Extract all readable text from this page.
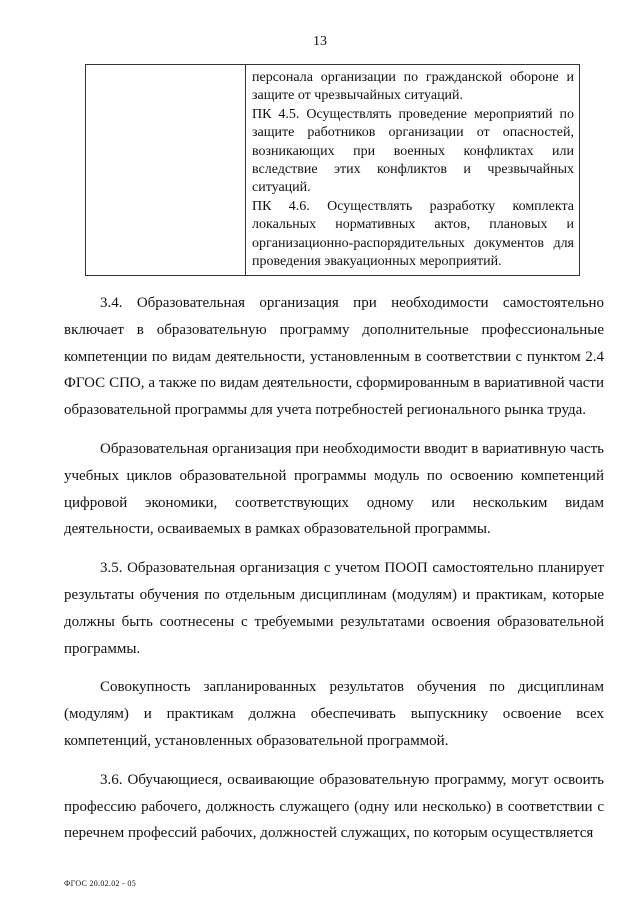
13

персонала организации по гражданской обороне и защите от чрезвычайных ситуаций.

ПК 4.5. Осуществлять проведение мероприятий по защите работников организации от опасностей, возникающих при военных конфликтах или вследствие этих конфликтов и чрезвычайных ситуаций.

ПК 4.6. Осуществлять разработку комплекта локальных нормативных актов, плановых и организационно-распорядительных документов для проведения эвакуационных мероприятий.

3.4. Образовательная организация при необходимости самостоятельно включает в образовательную программу дополнительные профессиональные компетенции по видам деятельности, установленным в соответствии с пунктом 2.4 ФГОС СПО, а также по видам деятельности, сформированным в вариативной части образовательной программы для учета потребностей регионального рынка труда.

Образовательная организация при необходимости вводит в вариативную часть учебных циклов образовательной программы модуль по освоению компетенций цифровой экономики, соответствующих одному или нескольким видам деятельности, осваиваемых в рамках образовательной программы.

3.5. Образовательная организация с учетом ПООП самостоятельно планирует результаты обучения по отдельным дисциплинам (модулям) и практикам, которые должны быть соотнесены с требуемыми результатами освоения образовательной программы.

Совокупность запланированных результатов обучения по дисциплинам (модулям) и практикам должна обеспечивать выпускнику освоение всех компетенций, установленных образовательной программой.

3.6. Обучающиеся, осваивающие образовательную программу, могут освоить профессию рабочего, должность служащего (одну или несколько) в соответствии с перечнем профессий рабочих, должностей служащих, по которым осуществляется

ФГОС 20.02.02 - 05
